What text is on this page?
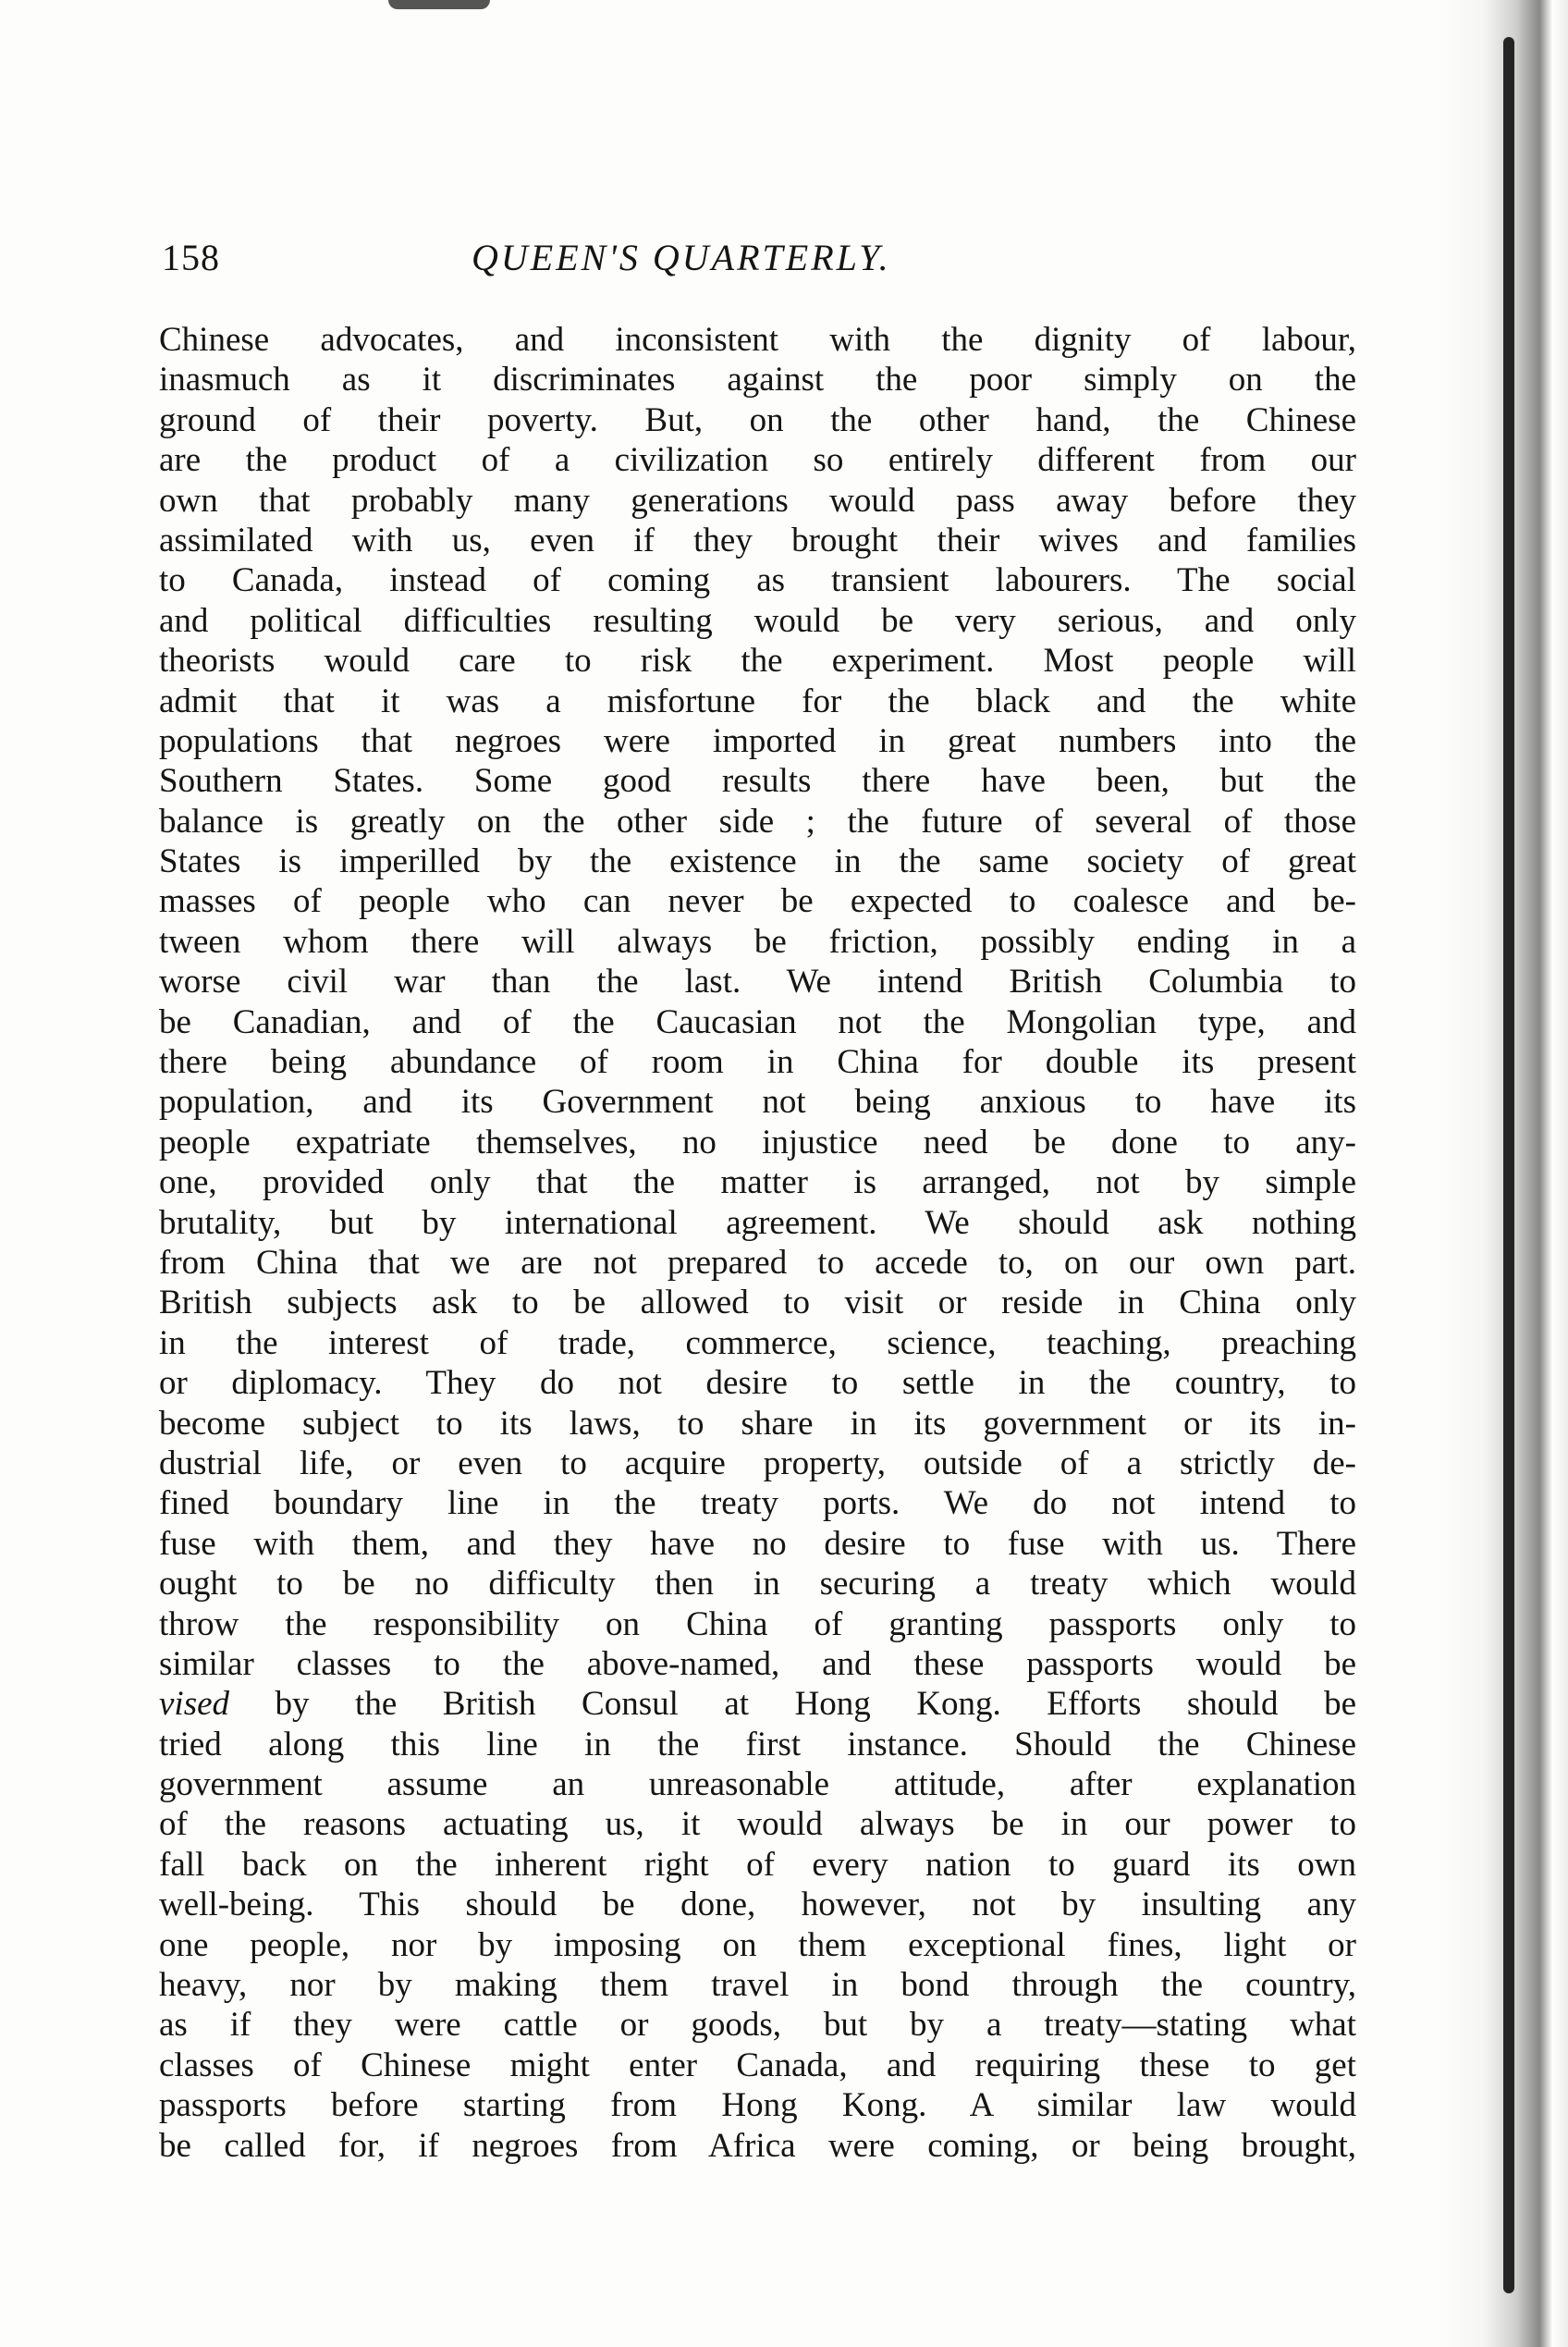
158	QUEEN'S QUARTERLY.
Chinese advocates, and inconsistent with the dignity of labour,
inasmuch as it discriminates against the poor simply on the
ground of their poverty. But, on the other hand, the Chinese
are the product of a civilization so entirely different from our
own that probably many generations would pass away before they
assimilated with us, even if they brought their wives and families
to Canada, instead of coming as transient labourers. The social
and political difficulties resulting would be very serious, and only
theorists would care to risk the experiment. Most people will
admit that it was a misfortune for the black and the white
populations that negroes were imported in great numbers into the
Southern States. Some good results there have been, but the
balance is greatly on the other side ; the future of several of those
States is imperilled by the existence in the same society of great
masses of people who can never be expected to coalesce and be-
tween whom there will always be friction, possibly ending in a
worse civil war than the last. We intend British Columbia to
be Canadian, and of the Caucasian not the Mongolian type, and
there being abundance of room in China for double its present
population, and its Government not being anxious to have its
people expatriate themselves, no injustice need be done to any-
one, provided only that the matter is arranged, not by simple
brutality, but by international agreement. We should ask nothing
from China that we are not prepared to accede to, on our own part.
British subjects ask to be allowed to visit or reside in China only
in the interest of trade, commerce, science, teaching, preaching
or diplomacy. They do not desire to settle in the country, to
become subject to its laws, to share in its government or its in-
dustrial life, or even to acquire property, outside of a strictly de-
fined boundary line in the treaty ports. We do not intend to
fuse with them, and they have no desire to fuse with us. There
ought to be no difficulty then in securing a treaty which would
throw the responsibility on China of granting passports only to
similar classes to the above-named, and these passports would be
vised by the British Consul at Hong Kong. Efforts should be
tried along this line in the first instance. Should the Chinese
government assume an unreasonable attitude, after explanation
of the reasons actuating us, it would always be in our power to
fall back on the inherent right of every nation to guard its own
well-being. This should be done, however, not by insulting any
one people, nor by imposing on them exceptional fines, light or
heavy, nor by making them travel in bond through the country,
as if they were cattle or goods, but by a treaty—stating what
classes of Chinese might enter Canada, and requiring these to get
passports before starting from Hong Kong. A similar law would
be called for, if negroes from Africa were coming, or being brought,
